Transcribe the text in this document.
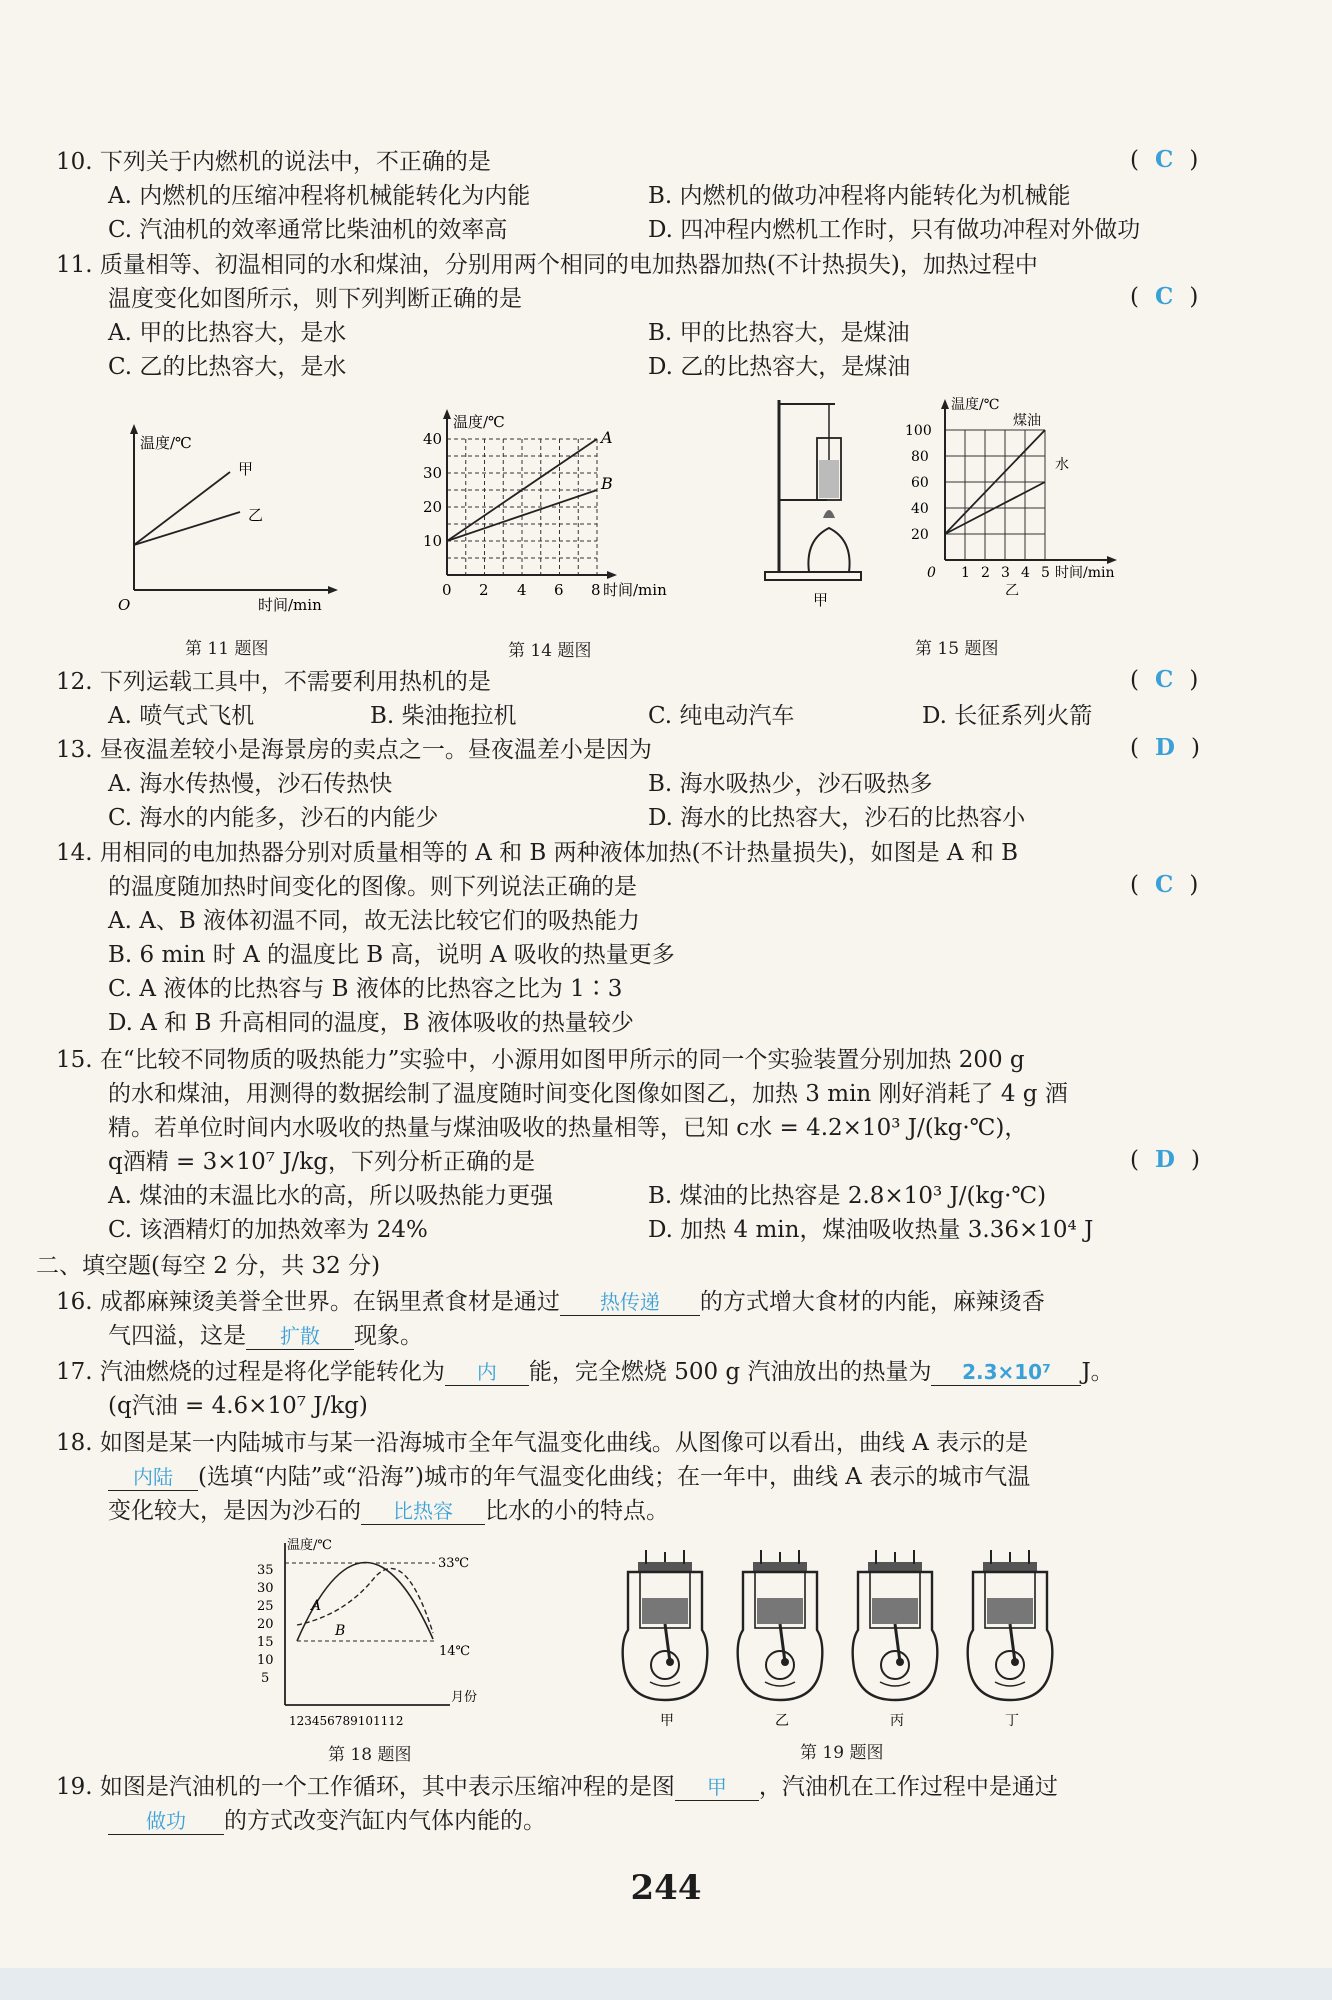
10. 下列关于内燃机的说法中，不正确的是	( C )
A. 内燃机的压缩冲程将机械能转化为内能	B. 内燃机的做功冲程将内能转化为机械能
C. 汽油机的效率通常比柴油机的效率高	D. 四冲程内燃机工作时，只有做功冲程对外做功
11. 质量相等、初温相同的水和煤油，分别用两个相同的电加热器加热(不计热损失)，加热过程中
温度变化如图所示，则下列判断正确的是	( C )
A. 甲的比热容大，是水	B. 甲的比热容大，是煤油
C. 乙的比热容大，是水	D. 乙的比热容大，是煤油
温度/℃
甲
乙
O	时间/min
第 11 题图
温度/℃
10
20
30
40
0 2 4 6 8 时间/min
A
B
第 14 题图
甲
温度/℃
20
40
60
80
100
0 1 2 3 4 5 时间/min
煤油
水
乙
第 15 题图
12. 下列运载工具中，不需要利用热机的是	( C )
A. 喷气式飞机	B. 柴油拖拉机	C. 纯电动汽车	D. 长征系列火箭
13. 昼夜温差较小是海景房的卖点之一。昼夜温差小是因为	( D )
A. 海水传热慢，沙石传热快	B. 海水吸热少，沙石吸热多
C. 海水的内能多，沙石的内能少	D. 海水的比热容大，沙石的比热容小
14. 用相同的电加热器分别对质量相等的 A 和 B 两种液体加热(不计热量损失)，如图是 A 和 B
的温度随加热时间变化的图像。则下列说法正确的是	( C )
A. A、B 液体初温不同，故无法比较它们的吸热能力
B. 6 min 时 A 的温度比 B 高，说明 A 吸收的热量更多
C. A 液体的比热容与 B 液体的比热容之比为 1∶3
D. A 和 B 升高相同的温度，B 液体吸收的热量较少
15. 在“比较不同物质的吸热能力”实验中，小源用如图甲所示的同一个实验装置分别加热 200 g
的水和煤油，用测得的数据绘制了温度随时间变化图像如图乙，加热 3 min 刚好消耗了 4 g 酒
精。若单位时间内水吸收的热量与煤油吸收的热量相等，已知 c水 = 4.2×10³ J/(kg·℃)，
q酒精 = 3×10⁷ J/kg，下列分析正确的是	( D )
A. 煤油的末温比水的高，所以吸热能力更强	B. 煤油的比热容是 2.8×10³ J/(kg·℃)
C. 该酒精灯的加热效率为 24%	D. 加热 4 min，煤油吸收热量 3.36×10⁴ J
二、填空题(每空 2 分，共 32 分)
16. 成都麻辣烫美誉全世界。在锅里煮食材是通过 热传递 的方式增大食材的内能，麻辣烫香
气四溢，这是 扩散 现象。
17. 汽油燃烧的过程是将化学能转化为 内 能，完全燃烧 500 g 汽油放出的热量为 2.3×10⁷ J。
(q汽油 = 4.6×10⁷ J/kg)
18. 如图是某一内陆城市与某一沿海城市全年气温变化曲线。从图像可以看出，曲线 A 表示的是
内陆 (选填“内陆”或“沿海”)城市的年气温变化曲线；在一年中，曲线 A 表示的城市气温
变化较大，是因为沙石的 比热容 比水的小的特点。
温度/℃
5
10
15
20
25
30
35
123456789101112
月份
33℃
14℃
A
B
第 18 题图
甲	乙	丙	丁
第 19 题图
19. 如图是汽油机的一个工作循环，其中表示压缩冲程的是图 甲 ，汽油机在工作过程中是通过
做功 的方式改变汽缸内气体内能的。
244
